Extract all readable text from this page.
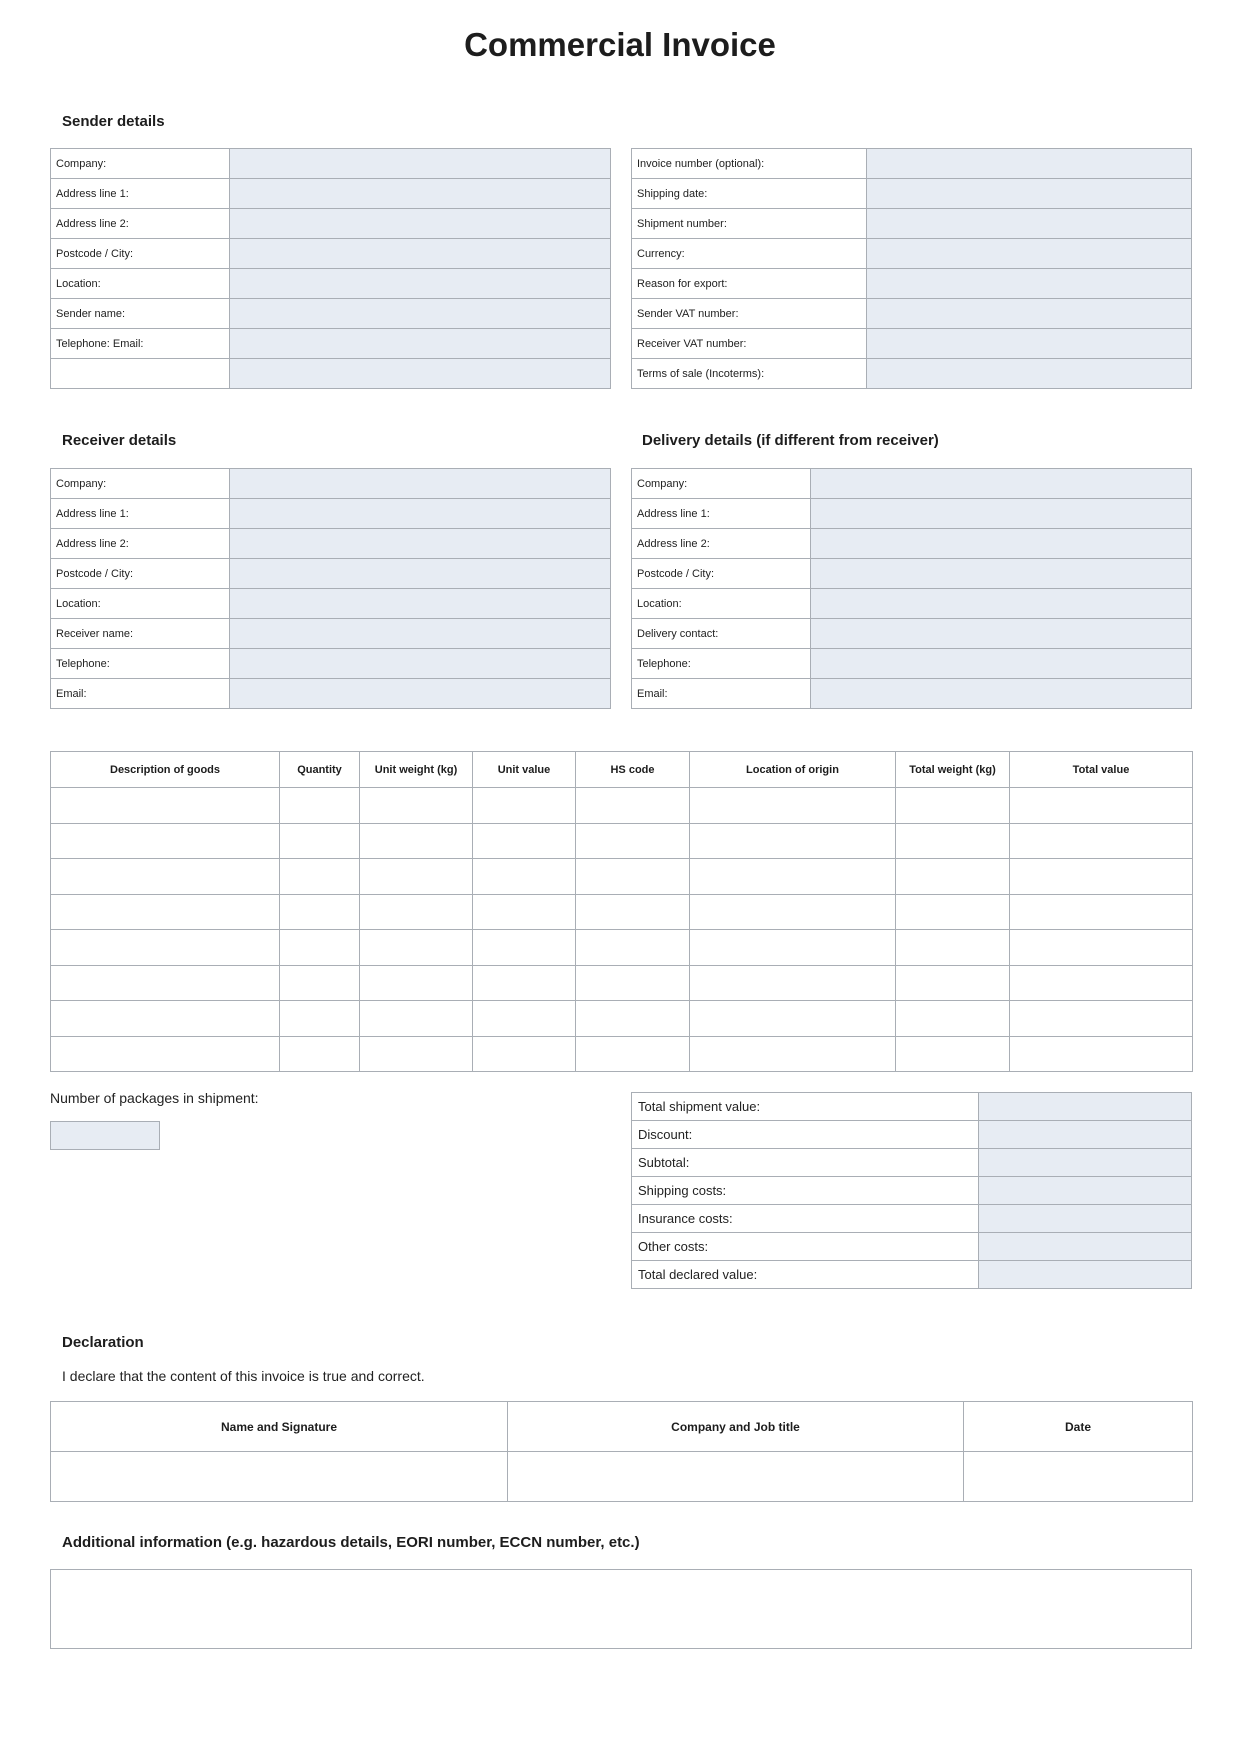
Commercial Invoice
Sender details
Company:
Address line 1:
Address line 2:
Postcode / City:
Location:
Sender name:
Telephone: Email:
Invoice number (optional):
Shipping date:
Shipment number:
Currency:
Reason for export:
Sender VAT number:
Receiver VAT number:
Terms of sale (Incoterms):
Receiver details
Company:
Address line 1:
Address line 2:
Postcode / City:
Location:
Receiver name:
Telephone:
Email:
Delivery details (if different from receiver)
Company:
Address line 1:
Address line 2:
Postcode / City:
Location:
Delivery contact:
Telephone:
Email:
Description of goods	Quantity	Unit weight (kg)	Unit value	HS code	Location of origin	Total weight (kg)	Total value

Number of packages in shipment:
Total shipment value:
Discount:
Subtotal:
Shipping costs:
Insurance costs:
Other costs:
Total declared value:
Declaration
I declare that the content of this invoice is true and correct.
Name and Signature	Company and Job title	Date

Additional information (e.g. hazardous details, EORI number, ECCN number, etc.)
